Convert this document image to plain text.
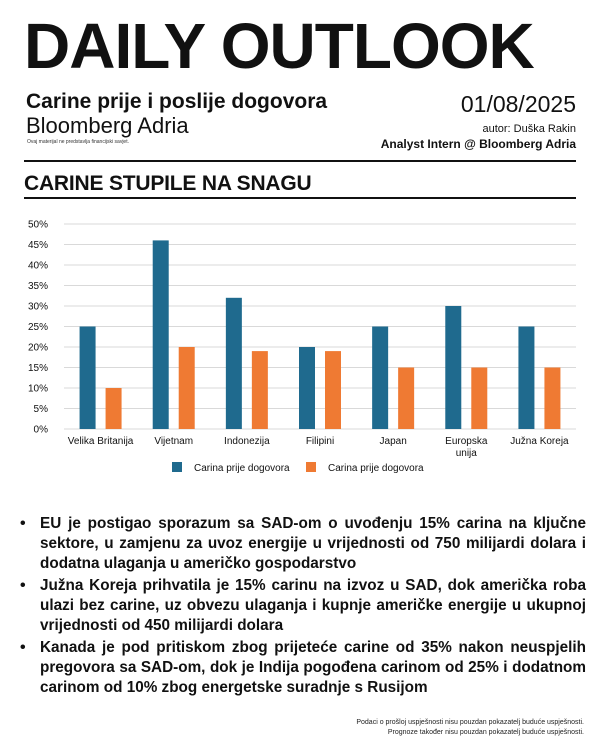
DAILY OUTLOOK
Carine prije i poslije dogovora
Bloomberg Adria
Ovaj materijal ne predstavlja financijski savjet.
01/08/2025
autor: Duška Rakin
Analyst Intern @ Bloomberg Adria
CARINE STUPILE NA SNAGU
0%
5%
10%
15%
20%
25%
30%
35%
40%
45%
50%
Velika Britanija Vijetnam	Indonezija	Filipini	Japan	Europska
unija
Južna Koreja
Carina prije dogovora	Carina prije dogovora
• EU je postigao sporazum sa SAD-om o uvođenju 15% carina na ključne sektore, u zamjenu za uvoz energije u vrijednosti od 750 milijardi dolara i dodatna ulaganja u američko gospodarstvo
• Južna Koreja prihvatila je 15% carinu na izvoz u SAD, dok američka roba ulazi bez carine, uz obvezu ulaganja i kupnje američke energije u ukupnoj vrijednosti od 450 milijardi dolara
• Kanada je pod pritiskom zbog prijeteće carine od 35% nakon neuspjelih pregovora sa SAD-om, dok je Indija pogođena carinom od 25% i dodatnom carinom od 10% zbog energetske suradnje s Rusijom
Podaci o prošlој uspješnosti nisu pouzdan pokazatelj buduće uspješnosti.
Prognoze također nisu pouzdan pokazatelj buduće uspješnosti.
